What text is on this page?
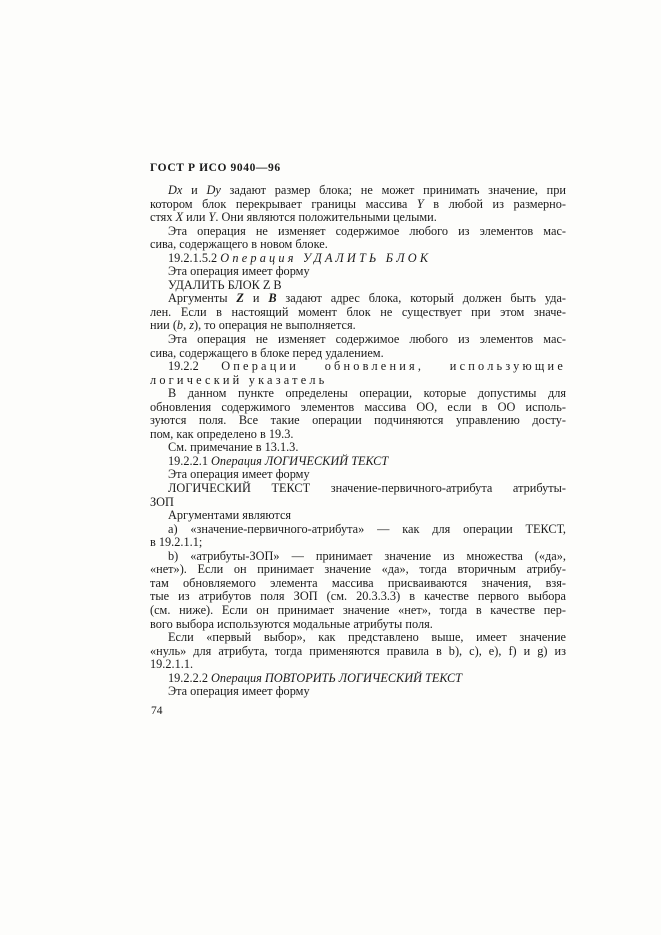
ГОСТ Р ИСО 9040—96
Dx и Dy задают размер блока; не может принимать значение, при
котором блок перекрывает границы массива Y в любой из размерно-
стях X или Y. Они являются положительными целыми.
Эта операция не изменяет содержимое любого из элементов мас-
сива, содержащего в новом блоке.
19.2.1.5.2 Операция УДАЛИТЬ БЛОК
Эта операция имеет форму
УДАЛИТЬ БЛОК Z B
Аргументы Z и B задают адрес блока, который должен быть уда-
лен. Если в настоящий момент блок не существует при этом значе-
нии (b, z), то операция не выполняется.
Эта операция не изменяет содержимое любого из элементов мас-
сива, содержащего в блоке перед удалением.
19.2.2 Операции обновления, использующие
логический указатель
В данном пункте определены операции, которые допустимы для
обновления содержимого элементов массива ОО, если в ОО исполь-
зуются поля. Все такие операции подчиняются управлению досту-
пом, как определено в 19.3.
См. примечание в 13.1.3.
19.2.2.1 Операция ЛОГИЧЕСКИЙ ТЕКСТ
Эта операция имеет форму
ЛОГИЧЕСКИЙ ТЕКСТ значение-первичного-атрибута атрибуты-
ЗОП
Аргументами являются
a) «значение-первичного-атрибута» — как для операции ТЕКСТ,
в 19.2.1.1;
b) «атрибуты-ЗОП» — принимает значение из множества («да»,
«нет»). Если он принимает значение «да», тогда вторичным атрибу-
там обновляемого элемента массива присваиваются значения, взя-
тые из атрибутов поля ЗОП (см. 20.3.3.3) в качестве первого выбора
(см. ниже). Если он принимает значение «нет», тогда в качестве пер-
вого выбора используются модальные атрибуты поля.
Если «первый выбор», как представлено выше, имеет значение
«нуль» для атрибута, тогда применяются правила в b), c), e), f) и g) из
19.2.1.1.
19.2.2.2 Операция ПОВТОРИТЬ ЛОГИЧЕСКИЙ ТЕКСТ
Эта операция имеет форму
74
